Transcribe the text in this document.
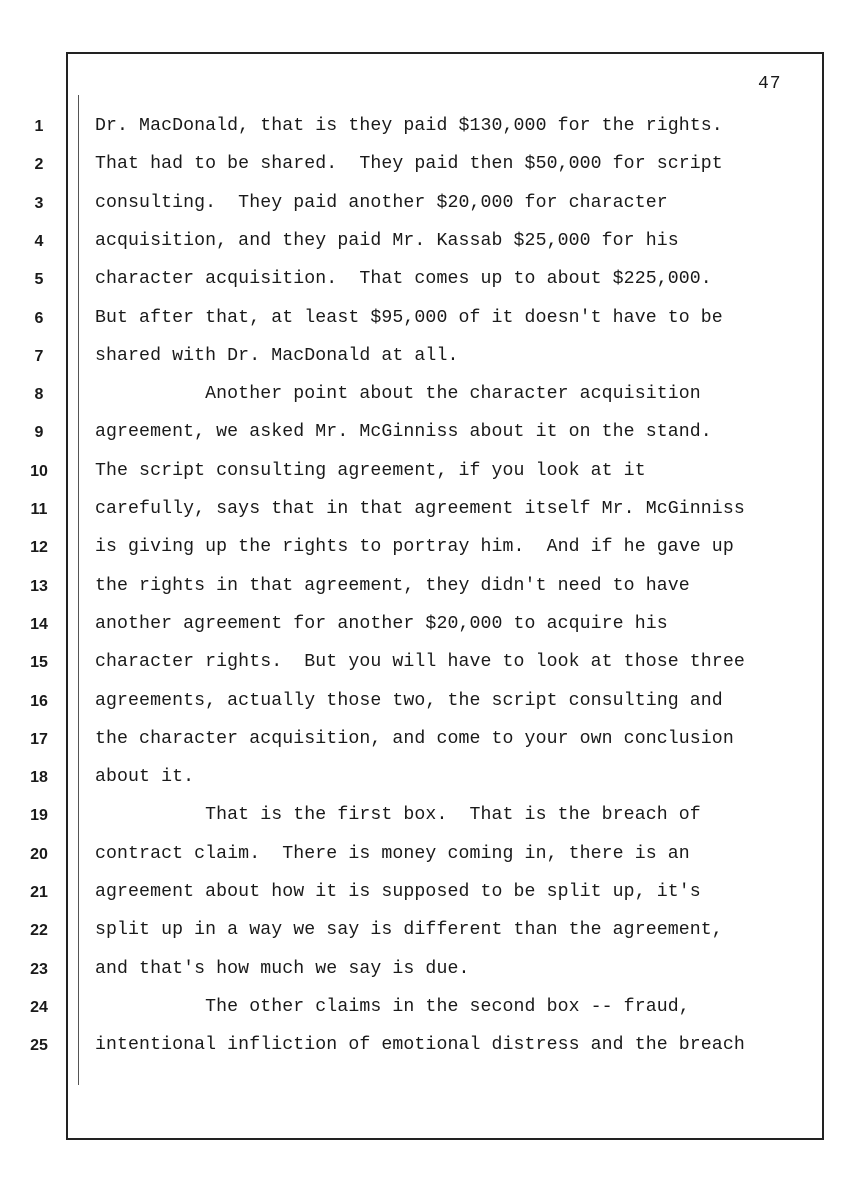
47
1	Dr. MacDonald, that is they paid $130,000 for the rights.
2	That had to be shared.  They paid then $50,000 for script
3	consulting.  They paid another $20,000 for character
4	acquisition, and they paid Mr. Kassab $25,000 for his
5	character acquisition.  That comes up to about $225,000.
6	But after that, at least $95,000 of it doesn't have to be
7	shared with Dr. MacDonald at all.
8	Another point about the character acquisition
9	agreement, we asked Mr. McGinniss about it on the stand.
10	The script consulting agreement, if you look at it
11	carefully, says that in that agreement itself Mr. McGinniss
12	is giving up the rights to portray him.  And if he gave up
13	the rights in that agreement, they didn't need to have
14	another agreement for another $20,000 to acquire his
15	character rights.  But you will have to look at those three
16	agreements, actually those two, the script consulting and
17	the character acquisition, and come to your own conclusion
18	about it.
19	That is the first box.  That is the breach of
20	contract claim.  There is money coming in, there is an
21	agreement about how it is supposed to be split up, it's
22	split up in a way we say is different than the agreement,
23	and that's how much we say is due.
24	The other claims in the second box -- fraud,
25	intentional infliction of emotional distress and the breach
